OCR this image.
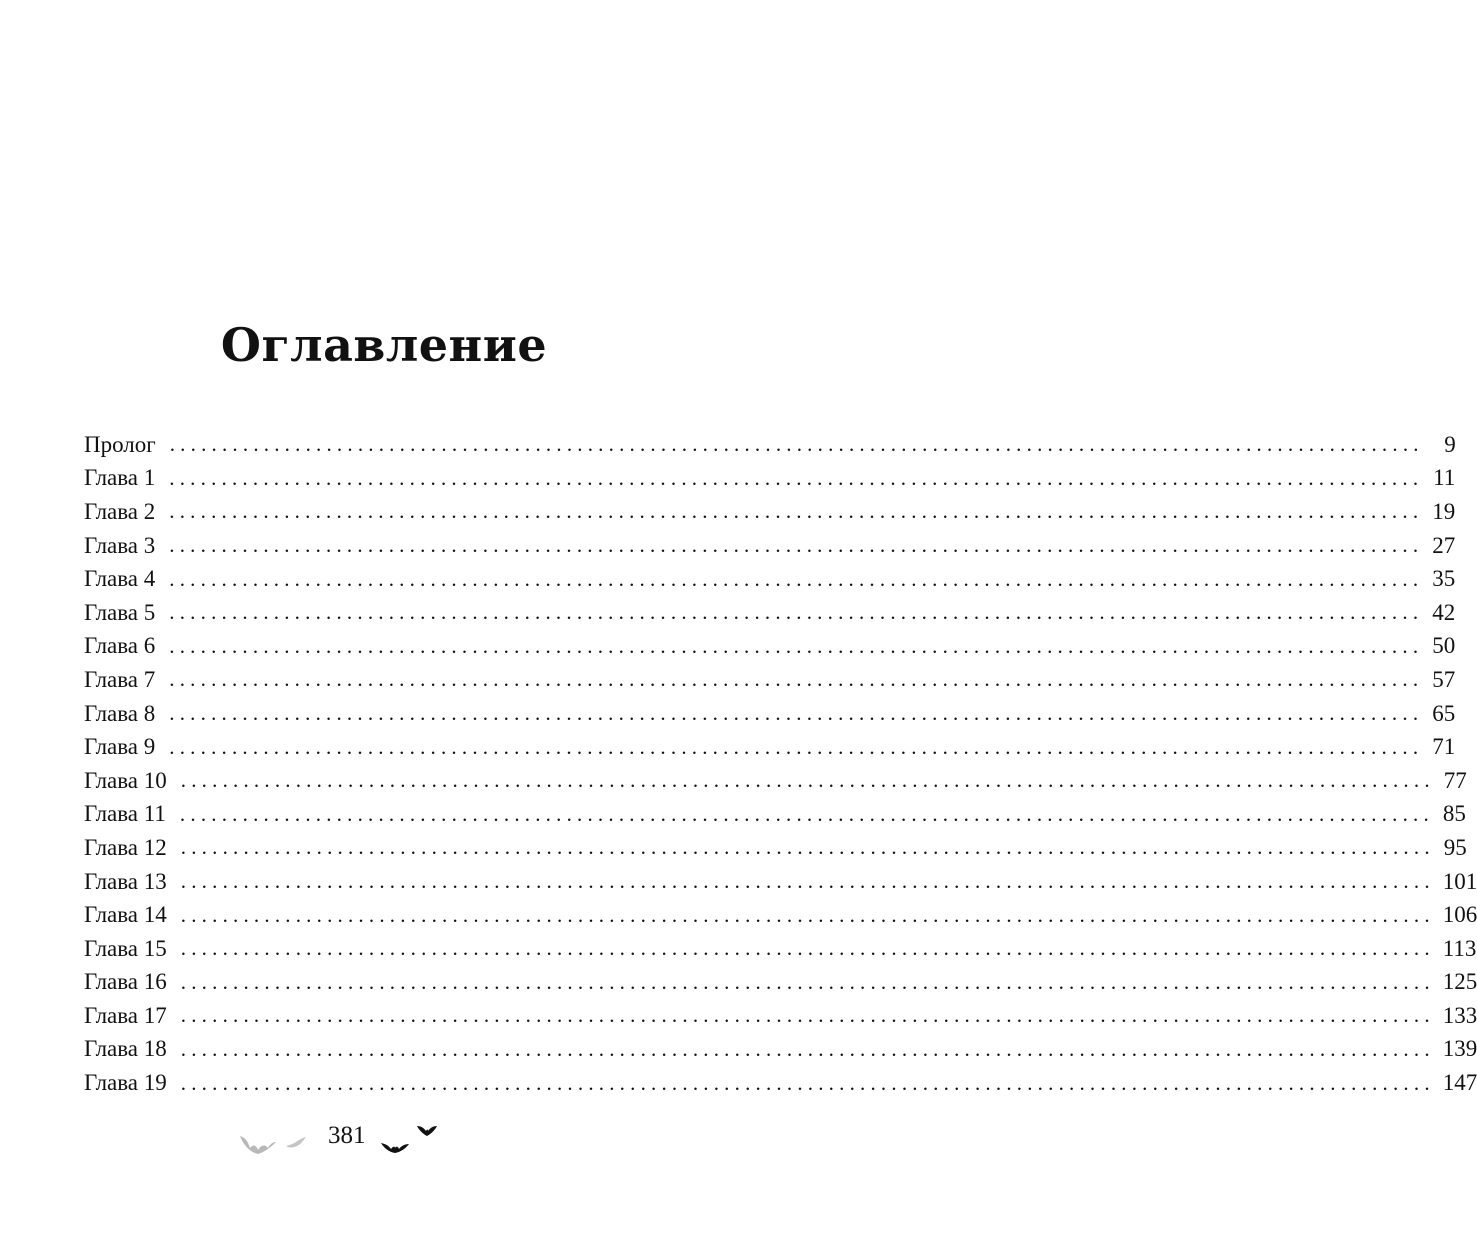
Оглавление
Пролог ........................................................................................................................ 9
Глава 1 ........................................................................................................................ 11
Глава 2 ........................................................................................................................ 19
Глава 3 ........................................................................................................................ 27
Глава 4 ........................................................................................................................ 35
Глава 5 ........................................................................................................................ 42
Глава 6 ........................................................................................................................ 50
Глава 7 ........................................................................................................................ 57
Глава 8 ........................................................................................................................ 65
Глава 9 ........................................................................................................................ 71
Глава 10 ........................................................................................................................ 77
Глава 11 ........................................................................................................................ 85
Глава 12 ........................................................................................................................ 95
Глава 13 ........................................................................................................................ 101
Глава 14 ........................................................................................................................ 106
Глава 15 ........................................................................................................................ 113
Глава 16 ........................................................................................................................ 125
Глава 17 ........................................................................................................................ 133
Глава 18 ........................................................................................................................ 139
Глава 19 ........................................................................................................................ 147
381
